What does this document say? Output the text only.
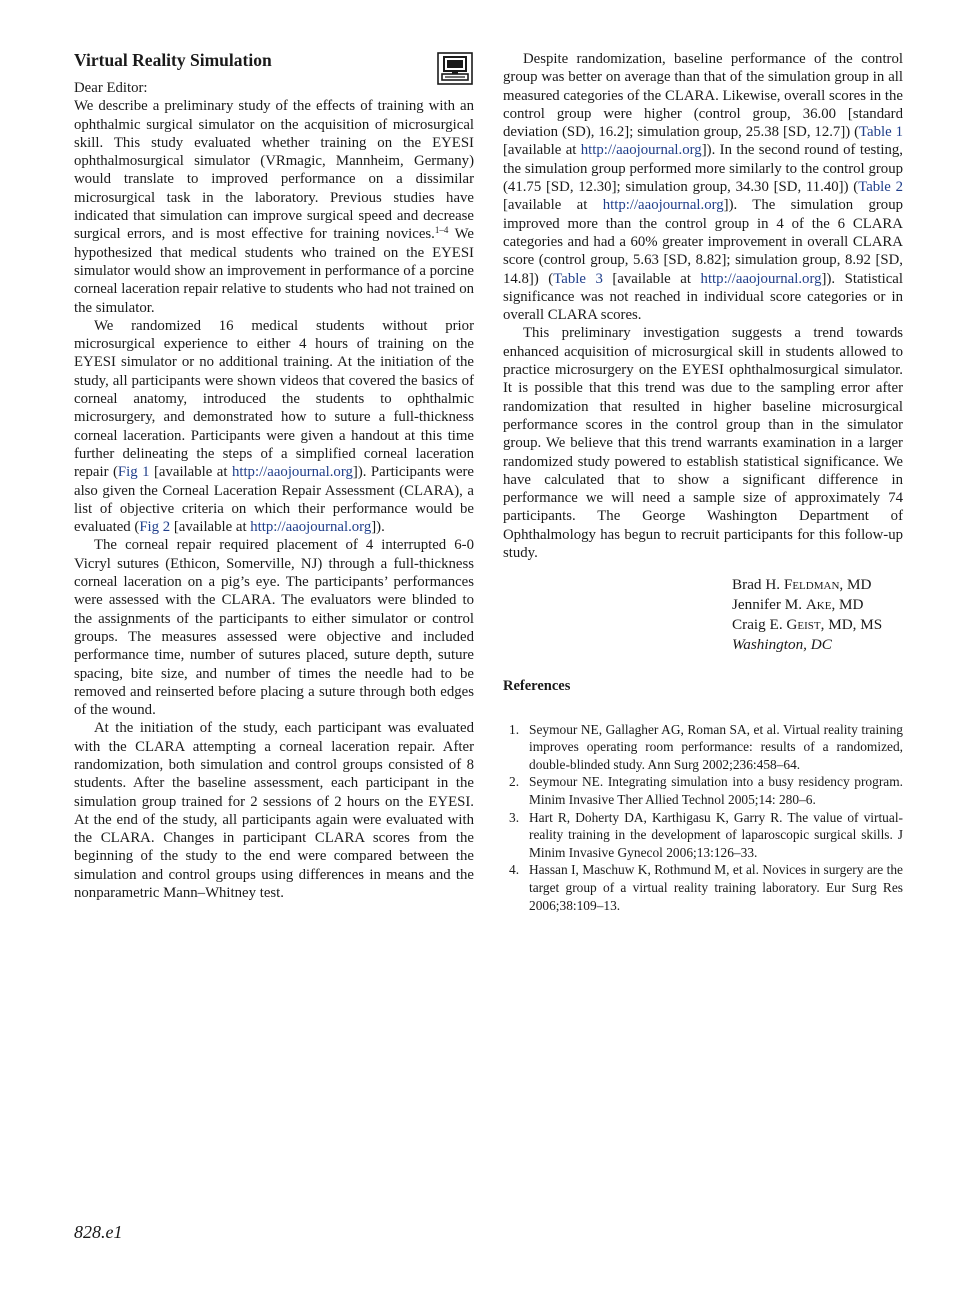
Virtual Reality Simulation
Dear Editor:

We describe a preliminary study of the effects of training with an ophthalmic surgical simulator on the acquisition of microsurgical skill. This study evaluated whether training on the EYESI ophthalmosurgical simulator (VRmagic, Mannheim, Germany) would translate to improved performance on a dissimilar microsurgical task in the laboratory. Previous studies have indicated that simulation can improve surgical speed and decrease surgical errors, and is most effective for training novices.$^{1-4}$ We hypothesized that medical students who trained on the EYESI simulator would show an improvement in performance of a porcine corneal laceration repair relative to students who had not trained on the simulator.

We randomized 16 medical students without prior microsurgical experience to either 4 hours of training on the EYESI simulator or no additional training. At the initiation of the study, all participants were shown videos that covered the basics of corneal anatomy, introduced the students to ophthalmic microsurgery, and demonstrated how to suture a full-thickness corneal laceration. Participants were given a handout at this time further delineating the steps of a simplified corneal laceration repair (Fig 1 [available at http://aaojournal.org]). Participants were also given the Corneal Laceration Repair Assessment (CLARA), a list of objective criteria on which their performance would be evaluated (Fig 2 [available at http://aaojournal.org]).

The corneal repair required placement of 4 interrupted 6-0 Vicryl sutures (Ethicon, Somerville, NJ) through a full-thickness corneal laceration on a pig’s eye. The participants’ performances were assessed with the CLARA. The evaluators were blinded to the assignments of the participants to either simulator or control groups. The measures assessed were objective and included performance time, number of sutures placed, suture depth, suture spacing, bite size, and number of times the needle had to be removed and reinserted before placing a suture through both edges of the wound.

At the initiation of the study, each participant was evaluated with the CLARA attempting a corneal laceration repair. After randomization, both simulation and control groups consisted of 8 students. After the baseline assessment, each participant in the simulation group trained for 2 sessions of 2 hours on the EYESI. At the end of the study, all participants again were evaluated with the CLARA. Changes in participant CLARA scores from the beginning of the study to the end were compared between the simulation and control groups using differences in means and the nonparametric Mann–Whitney test.

Despite randomization, baseline performance of the control group was better on average than that of the simulation group in all measured categories of the CLARA. Likewise, overall scores in the control group were higher (control group, 36.00 [standard deviation (SD), 16.2]; simulation group, 25.38 [SD, 12.7]) (Table 1 [available at http://aaojournal.org]). In the second round of testing, the simulation group performed more similarly to the control group (41.75 [SD, 12.30]; simulation group, 34.30 [SD, 11.40]) (Table 2 [available at http://aaojournal.org]). The simulation group improved more than the control group in 4 of the 6 CLARA categories and had a 60% greater improvement in overall CLARA score (control group, 5.63 [SD, 8.82]; simulation group, 8.92 [SD, 14.8]) (Table 3 [available at http://aaojournal.org]). Statistical significance was not reached in individual score categories or in overall CLARA scores.

This preliminary investigation suggests a trend towards enhanced acquisition of microsurgical skill in students allowed to practice microsurgery on the EYESI ophthalmosurgical simulator. It is possible that this trend was due to the sampling error after randomization that resulted in higher baseline microsurgical performance scores in the control group than in the simulator group. We believe that this trend warrants examination in a larger randomized study powered to establish statistical significance. We have calculated that to show a significant difference in performance we will need a sample size of approximately 74 participants. The George Washington Department of Ophthalmology has begun to recruit participants for this follow-up study.

Brad H. Feldman, MD
Jennifer M. Ake, MD
Craig E. Geist, MD, MS
Washington, DC
References
1. Seymour NE, Gallagher AG, Roman SA, et al. Virtual reality training improves operating room performance: results of a randomized, double-blinded study. Ann Surg 2002;236:458–64.
2. Seymour NE. Integrating simulation into a busy residency program. Minim Invasive Ther Allied Technol 2005;14: 280–6.
3. Hart R, Doherty DA, Karthigasu K, Garry R. The value of virtual-reality training in the development of laparoscopic surgical skills. J Minim Invasive Gynecol 2006;13:126–33.
4. Hassan I, Maschuw K, Rothmund M, et al. Novices in surgery are the target group of a virtual reality training laboratory. Eur Surg Res 2006;38:109–13.
828.e1
